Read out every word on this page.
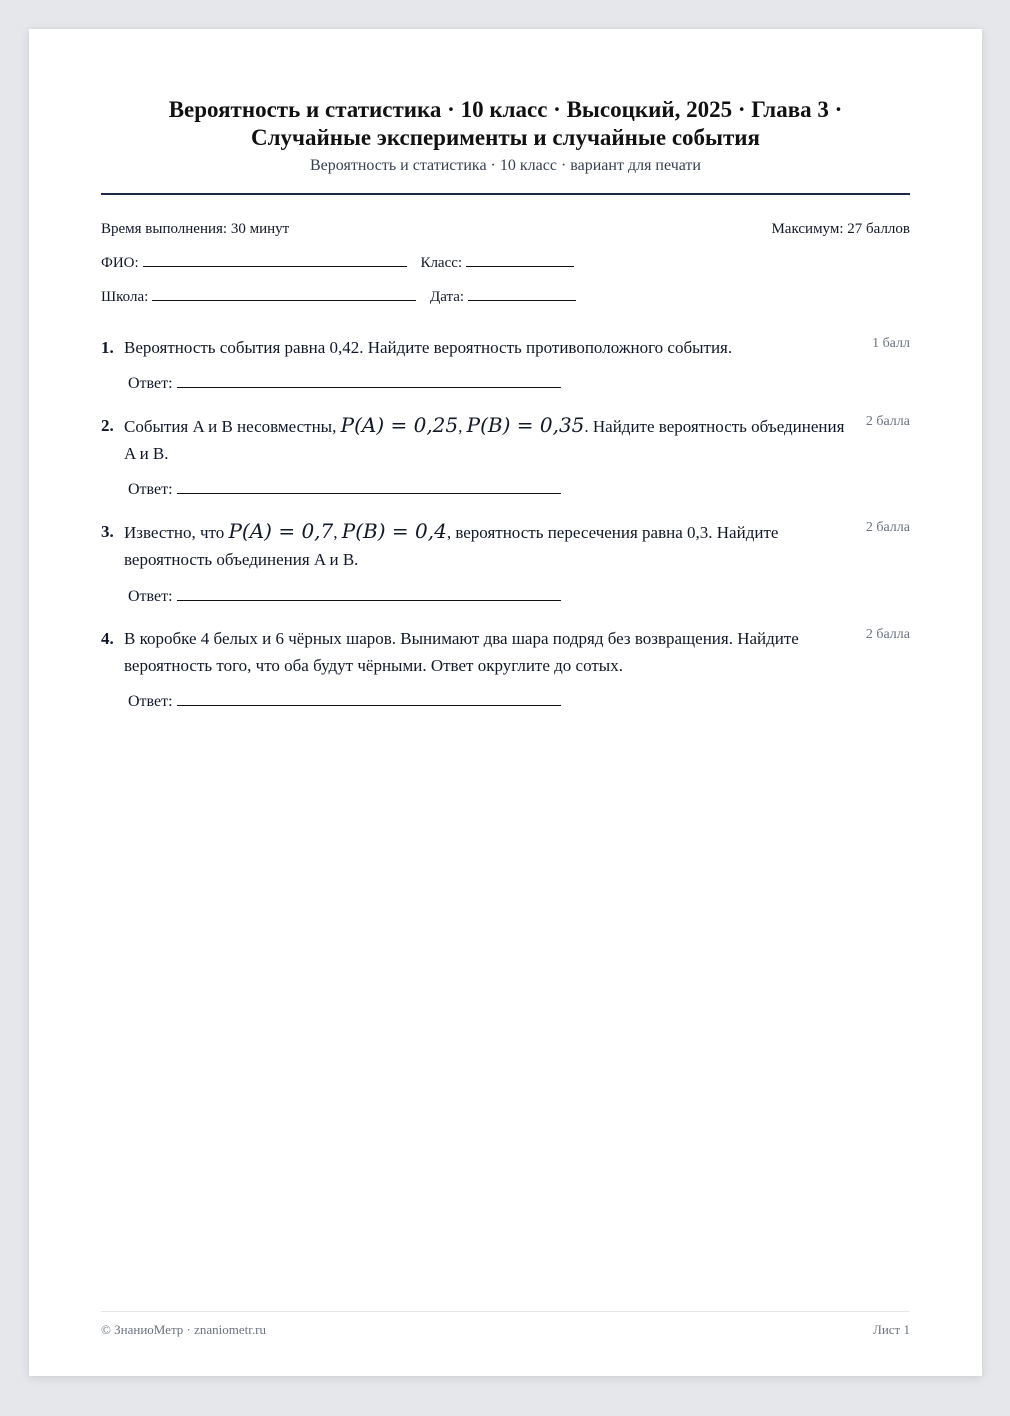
Вероятность и статистика · 10 класс · Высоцкий, 2025 · Глава 3 ·
Случайные эксперименты и случайные события
Вероятность и статистика · 10 класс · вариант для печати
Время выполнения: 30 минут	Максимум: 27 баллов
ФИО:	Класс:
Школа:	Дата:
1. Вероятность события равна 0,42. Найдите вероятность противоположного события.	1 балл
Ответ:
2. События A и B несовместны, P(A) = 0,25, P(B) = 0,35. Найдите вероятность объединения A и B.
2 балла
Ответ:
3. Известно, что P(A) = 0,7, P(B) = 0,4, вероятность пересечения равна 0,3. Найдите вероятность объединения A и B.
2 балла
Ответ:
4. В коробке 4 белых и 6 чёрных шаров. Вынимают два шара подряд без возвращения. Найдите вероятность того, что оба будут чёрными. Ответ округлите до сотых.
2 балла
Ответ:
© ЗнаниоМетр · znaniometr.ru	Лист 1
